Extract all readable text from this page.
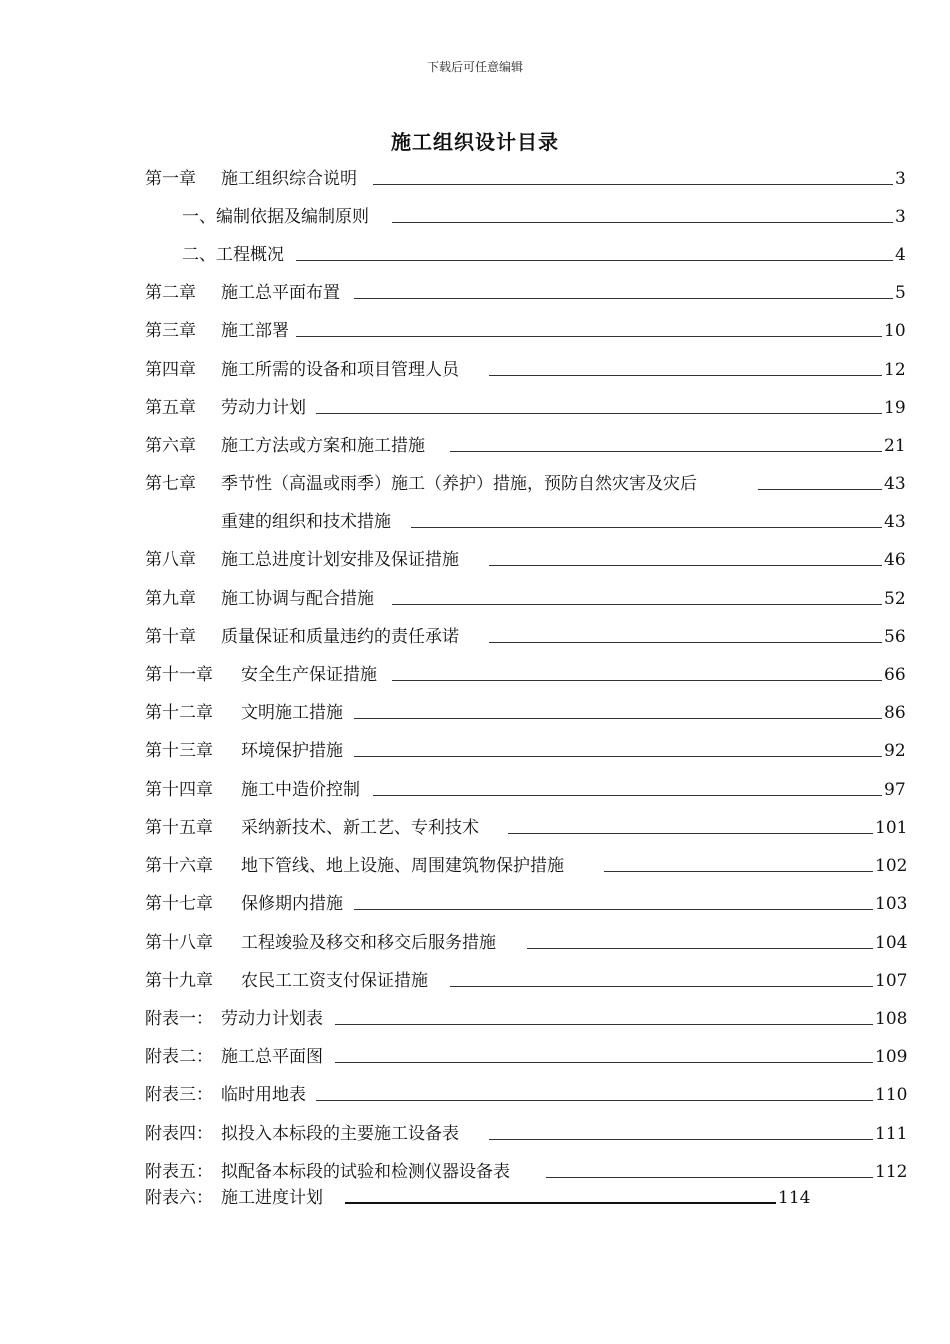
下载后可任意编辑
施工组织设计目录
第一章 施工组织综合说明	3
一、编制依据及编制原则	3
二、工程概况	4
第二章 施工总平面布置	5
第三章 施工部署	10
第四章 施工所需的设备和项目管理人员	12
第五章 劳动力计划	19
第六章 施工方法或方案和施工措施	21
第七章 季节性（高温或雨季）施工（养护）措施，预防自然灾害及灾后	43
重建的组织和技术措施	43
第八章 施工总进度计划安排及保证措施	46
第九章 施工协调与配合措施	52
第十章 质量保证和质量违约的责任承诺	56
第十一章 安全生产保证措施	66
第十二章 文明施工措施	86
第十三章 环境保护措施	92
第十四章 施工中造价控制	97
第十五章 采纳新技术、新工艺、专利技术	101
第十六章 地下管线、地上设施、周围建筑物保护措施	102
第十七章 保修期内措施	103
第十八章 工程竣验及移交和移交后服务措施	104
第十九章 农民工工资支付保证措施	107
附表一： 劳动力计划表	108
附表二： 施工总平面图	109
附表三： 临时用地表	110
附表四： 拟投入本标段的主要施工设备表	111
附表五： 拟配备本标段的试验和检测仪器设备表	112
附表六： 施工进度计划	114
